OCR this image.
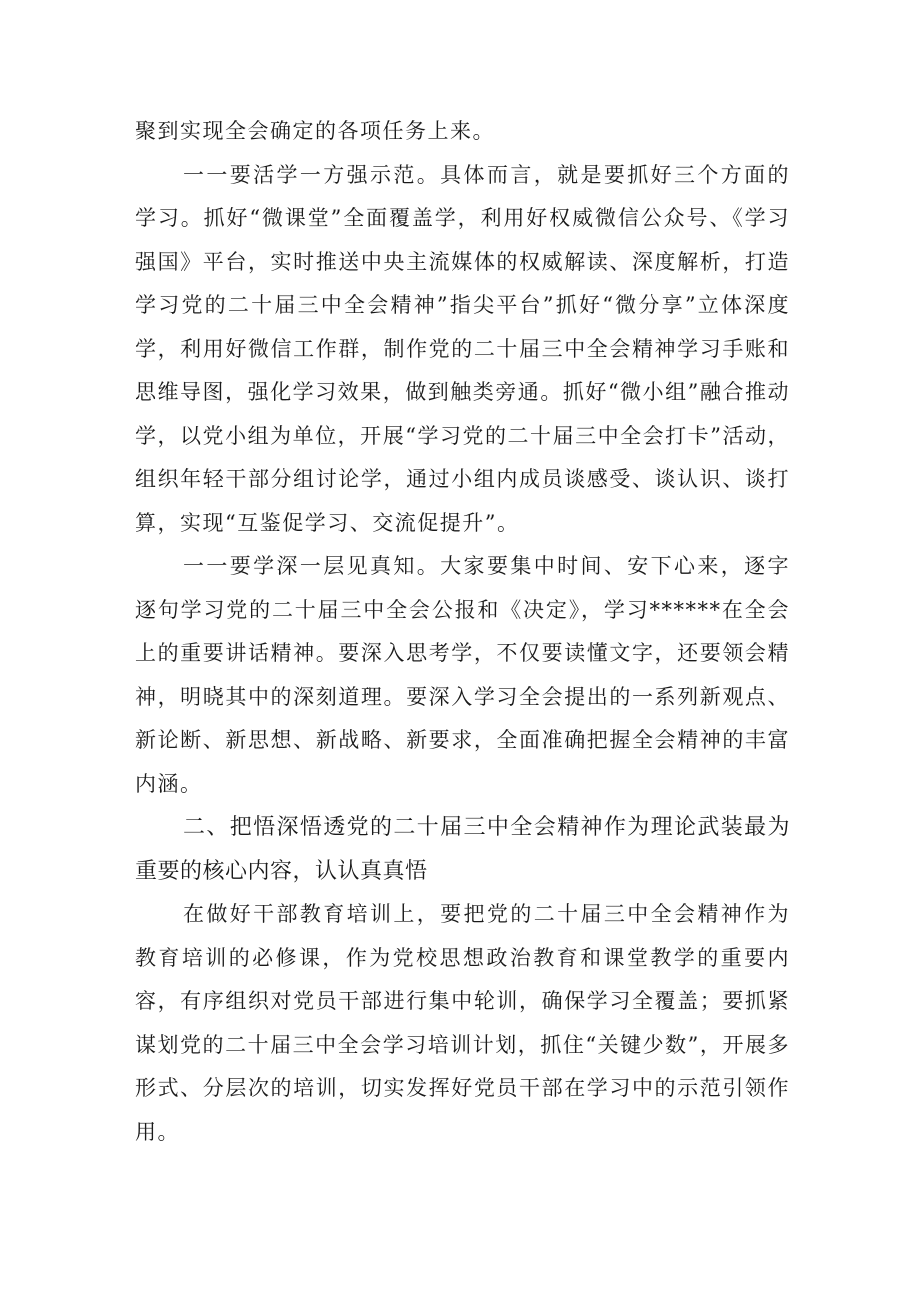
聚到实现全会确定的各项任务上来。

一一要活学一方强示范。具体而言，就是要抓好三个方面的学习。抓好“微课堂”全面覆盖学，利用好权威微信公众号、《学习强国》平台，实时推送中央主流媒体的权威解读、深度解析，打造学习党的二十届三中全会精神”指尖平台”抓好“微分享”立体深度学，利用好微信工作群，制作党的二十届三中全会精神学习手账和思维导图，强化学习效果，做到触类旁通。抓好“微小组”融合推动学，以党小组为单位，开展“学习党的二十届三中全会打卡”活动，组织年轻干部分组讨论学，通过小组内成员谈感受、谈认识、谈打算，实现“互鉴促学习、交流促提升”。

一一要学深一层见真知。大家要集中时间、安下心来，逐字逐句学习党的二十届三中全会公报和《决定》，学习******在全会上的重要讲话精神。要深入思考学，不仅要读懂文字，还要领会精神，明晓其中的深刻道理。要深入学习全会提出的一系列新观点、新论断、新思想、新战略、新要求，全面准确把握全会精神的丰富内涵。

二、把悟深悟透党的二十届三中全会精神作为理论武装最为重要的核心内容，认认真真悟

在做好干部教育培训上，要把党的二十届三中全会精神作为教育培训的必修课，作为党校思想政治教育和课堂教学的重要内容，有序组织对党员干部进行集中轮训，确保学习全覆盖；要抓紧谋划党的二十届三中全会学习培训计划，抓住“关键少数”，开展多形式、分层次的培训，切实发挥好党员干部在学习中的示范引领作用。
